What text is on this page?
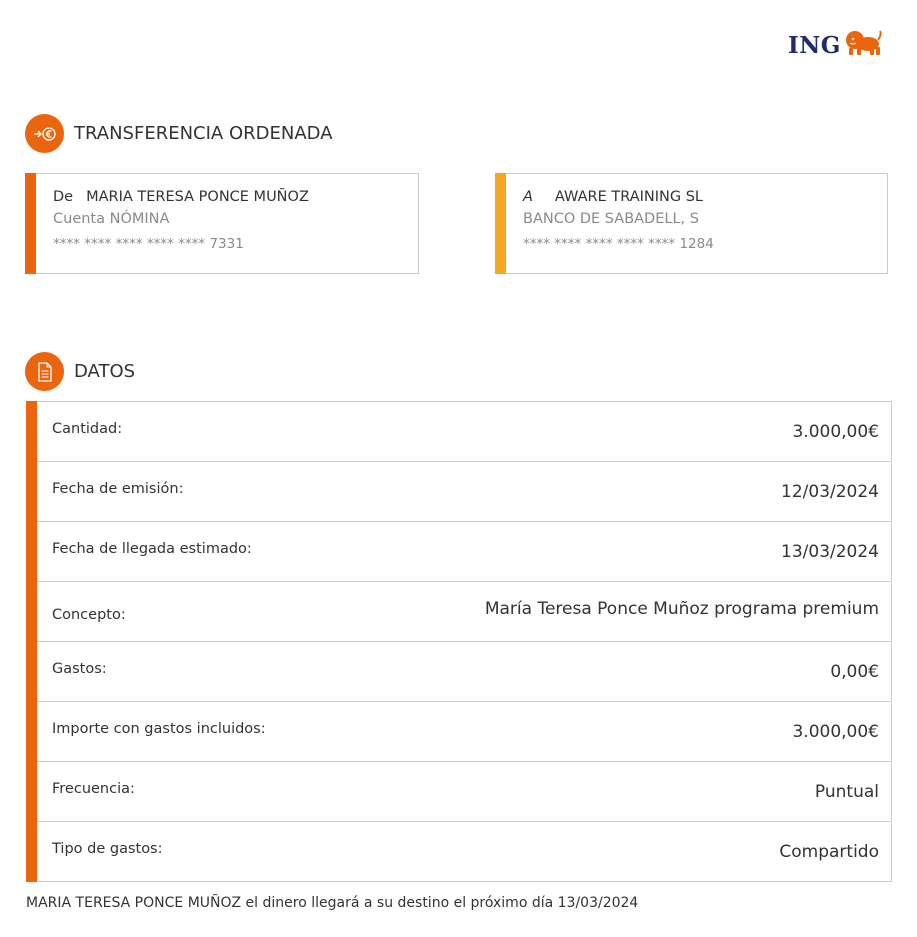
ING
TRANSFERENCIA ORDENADA
De MARIA TERESA PONCE MUÑOZ
Cuenta NÓMINA
**** **** **** **** **** 7331
A AWARE TRAINING SL
BANCO DE SABADELL, S
**** **** **** **** **** 1284
DATOS
Cantidad:	3.000,00€
Fecha de emisión:	12/03/2024
Fecha de llegada estimado:	13/03/2024
Concepto:	María Teresa Ponce Muñoz programa premium
Gastos:	0,00€
Importe con gastos incluidos:	3.000,00€
Frecuencia:	Puntual
Tipo de gastos:	Compartido
MARIA TERESA PONCE MUÑOZ el dinero llegará a su destino el próximo día 13/03/2024
